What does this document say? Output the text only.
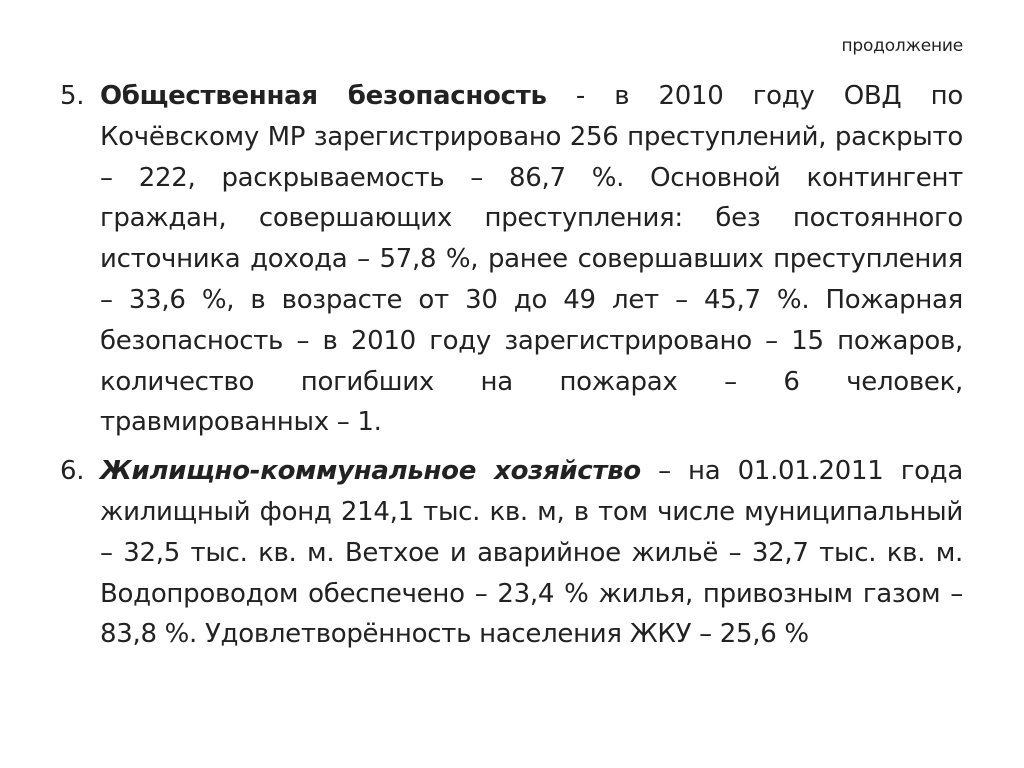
продолжение
5. Общественная безопасность - в 2010 году ОВД по Кочёвскому МР зарегистрировано 256 преступлений, раскрыто – 222, раскрываемость – 86,7 %. Основной контингент граждан, совершающих преступления: без постоянного источника дохода – 57,8 %, ранее совершавших преступления – 33,6 %, в возрасте от 30 до 49 лет – 45,7 %. Пожарная безопасность – в 2010 году зарегистрировано – 15 пожаров, количество погибших на пожарах – 6 человек, травмированных – 1.

6. Жилищно-коммунальное хозяйство – на 01.01.2011 года жилищный фонд 214,1 тыс. кв. м, в том числе муниципальный – 32,5 тыс. кв. м. Ветхое и аварийное жильё – 32,7 тыс. кв. м. Водопроводом обеспечено – 23,4 % жилья, привозным газом – 83,8 %. Удовлетворённость населения ЖКУ – 25,6 %
